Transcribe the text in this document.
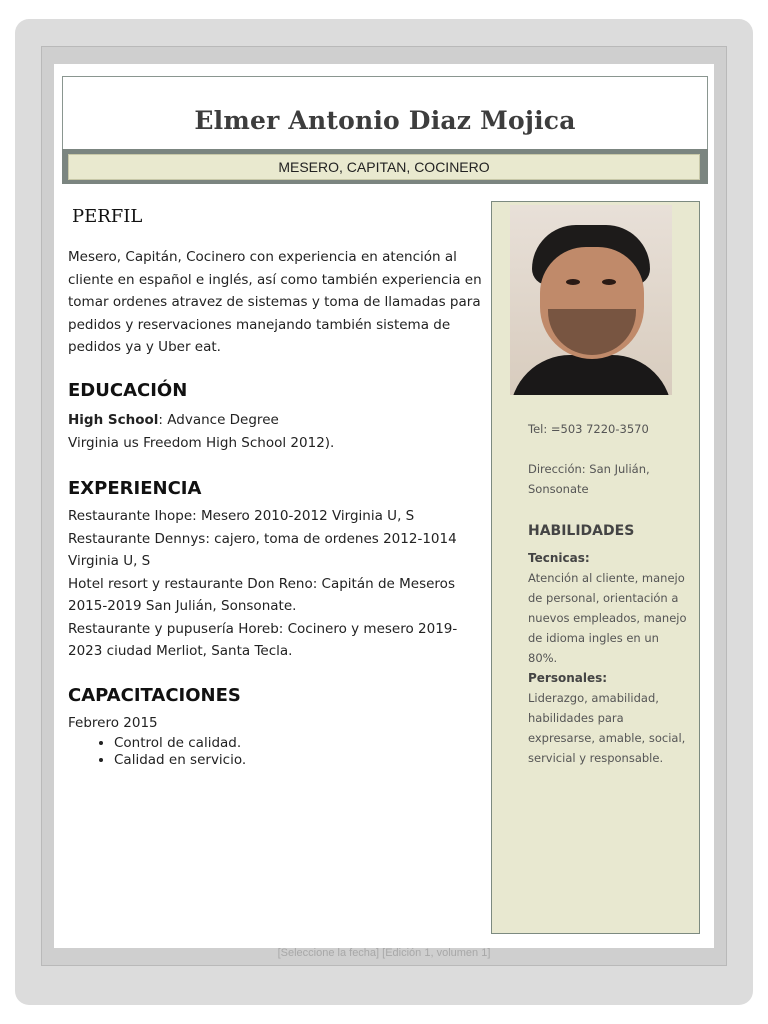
Elmer Antonio Diaz Mojica
MESERO, CAPITAN, COCINERO
PERFIL
Mesero, Capitán, Cocinero con experiencia en atención al cliente en español e inglés, así como también experiencia en tomar ordenes atravez de sistemas y toma de llamadas para pedidos y reservaciones manejando también sistema de pedidos ya y Uber eat.
EDUCACIÓN
High School: Advance Degree
Virginia us Freedom High School 2012).
EXPERIENCIA
Restaurante Ihope: Mesero 2010-2012 Virginia U, S
Restaurante Dennys: cajero, toma de ordenes 2012-1014 Virginia U, S
Hotel resort y restaurante Don Reno: Capitán de Meseros 2015-2019 San Julián, Sonsonate.
Restaurante y pupusería Horeb: Cocinero y mesero 2019-2023 ciudad Merliot, Santa Tecla.
CAPACITACIONES
Febrero 2015
• Control de calidad.
• Calidad en servicio.
Tel: =503 7220-3570
Dirección: San Julián, Sonsonate
HABILIDADES
Tecnicas:
Atención al cliente, manejo de personal, orientación a nuevos empleados, manejo de idioma ingles en un 80%.
Personales:
Liderazgo, amabilidad, habilidades para expresarse, amable, social, servicial y responsable.
[Seleccione la fecha] [Edición 1, volumen 1]
